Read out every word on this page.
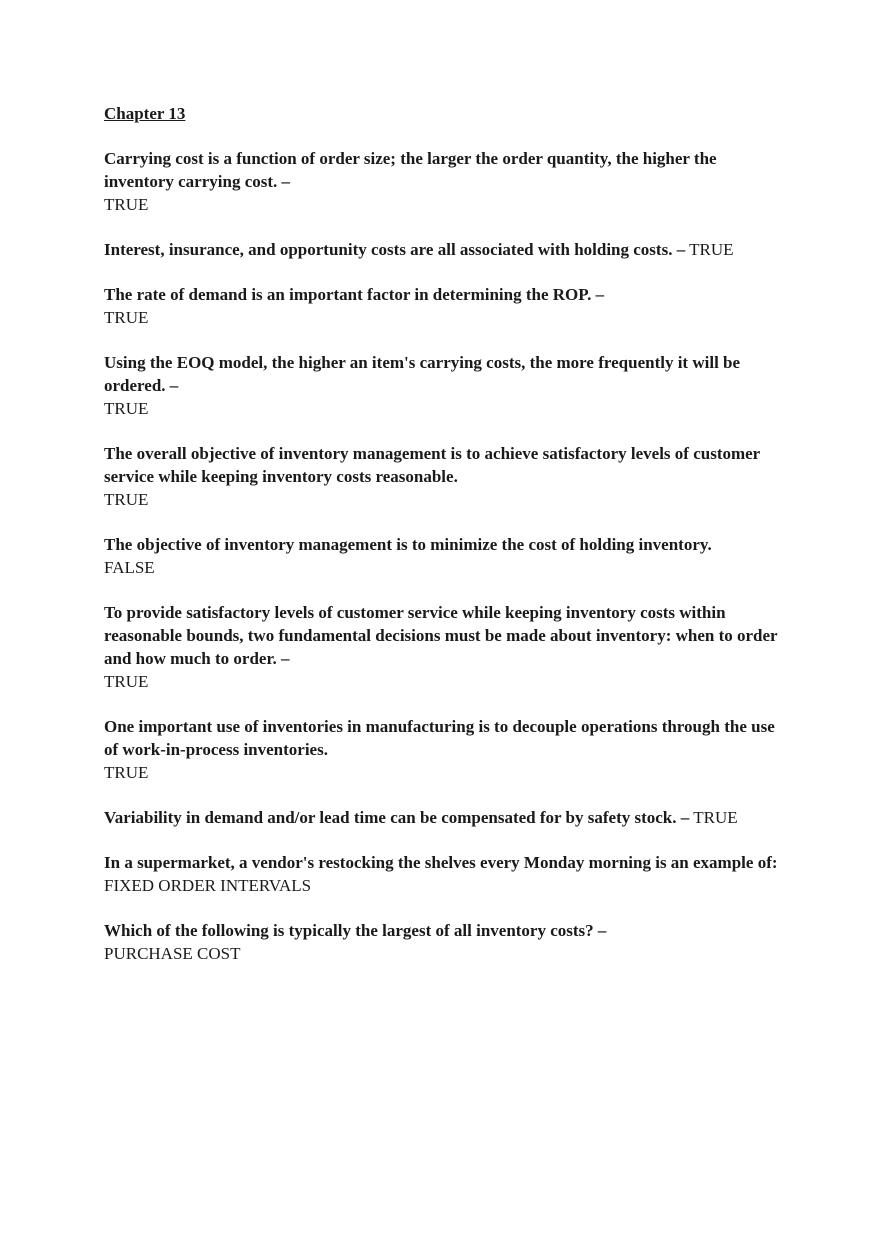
Chapter 13
Carrying cost is a function of order size; the larger the order quantity, the higher the inventory carrying cost. –
TRUE
Interest, insurance, and opportunity costs are all associated with holding costs. – TRUE
The rate of demand is an important factor in determining the ROP. –
TRUE
Using the EOQ model, the higher an item's carrying costs, the more frequently it will be ordered. –
TRUE
The overall objective of inventory management is to achieve satisfactory levels of customer service while keeping inventory costs reasonable.
TRUE
The objective of inventory management is to minimize the cost of holding inventory.
FALSE
To provide satisfactory levels of customer service while keeping inventory costs within reasonable bounds, two fundamental decisions must be made about inventory: when to order and how much to order. –
TRUE
One important use of inventories in manufacturing is to decouple operations through the use of work-in-process inventories.
TRUE
Variability in demand and/or lead time can be compensated for by safety stock. – TRUE
In a supermarket, a vendor's restocking the shelves every Monday morning is an example of:
FIXED ORDER INTERVALS
Which of the following is typically the largest of all inventory costs? –
PURCHASE COST
